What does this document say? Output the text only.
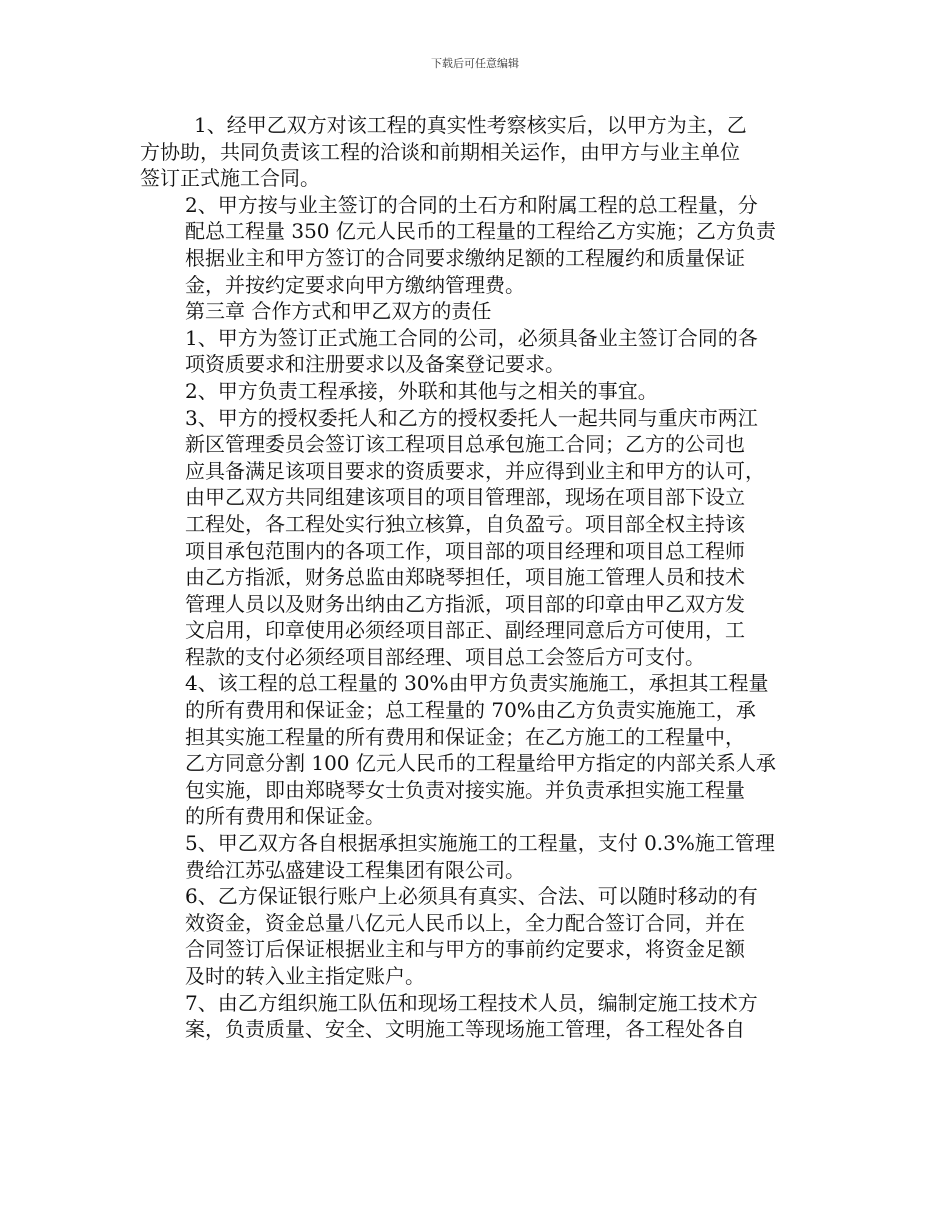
下载后可任意编辑
1、经甲乙双方对该工程的真实性考察核实后，以甲方为主，乙
方协助，共同负责该工程的洽谈和前期相关运作，由甲方与业主单位
签订正式施工合同。
2、甲方按与业主签订的合同的土石方和附属工程的总工程量，分
配总工程量 350 亿元人民币的工程量的工程给乙方实施；乙方负责
根据业主和甲方签订的合同要求缴纳足额的工程履约和质量保证
金，并按约定要求向甲方缴纳管理费。
第三章 合作方式和甲乙双方的责任
1、甲方为签订正式施工合同的公司，必须具备业主签订合同的各
项资质要求和注册要求以及备案登记要求。
2、甲方负责工程承接，外联和其他与之相关的事宜。
3、甲方的授权委托人和乙方的授权委托人一起共同与重庆市两江
新区管理委员会签订该工程项目总承包施工合同；乙方的公司也
应具备满足该项目要求的资质要求，并应得到业主和甲方的认可，
由甲乙双方共同组建该项目的项目管理部，现场在项目部下设立
工程处，各工程处实行独立核算，自负盈亏。项目部全权主持该
项目承包范围内的各项工作，项目部的项目经理和项目总工程师
由乙方指派，财务总监由郑晓琴担任，项目施工管理人员和技术
管理人员以及财务出纳由乙方指派，项目部的印章由甲乙双方发
文启用，印章使用必须经项目部正、副经理同意后方可使用，工
程款的支付必须经项目部经理、项目总工会签后方可支付。
4、该工程的总工程量的 30%由甲方负责实施施工，承担其工程量
的所有费用和保证金；总工程量的 70%由乙方负责实施施工，承
担其实施工程量的所有费用和保证金；在乙方施工的工程量中，
乙方同意分割 100 亿元人民币的工程量给甲方指定的内部关系人承
包实施，即由郑晓琴女士负责对接实施。并负责承担实施工程量
的所有费用和保证金。
5、甲乙双方各自根据承担实施施工的工程量，支付 0.3%施工管理
费给江苏弘盛建设工程集团有限公司。
6、乙方保证银行账户上必须具有真实、合法、可以随时移动的有
效资金，资金总量八亿元人民币以上，全力配合签订合同，并在
合同签订后保证根据业主和与甲方的事前约定要求，将资金足额
及时的转入业主指定账户。
7、由乙方组织施工队伍和现场工程技术人员，编制定施工技术方
案，负责质量、安全、文明施工等现场施工管理，各工程处各自
